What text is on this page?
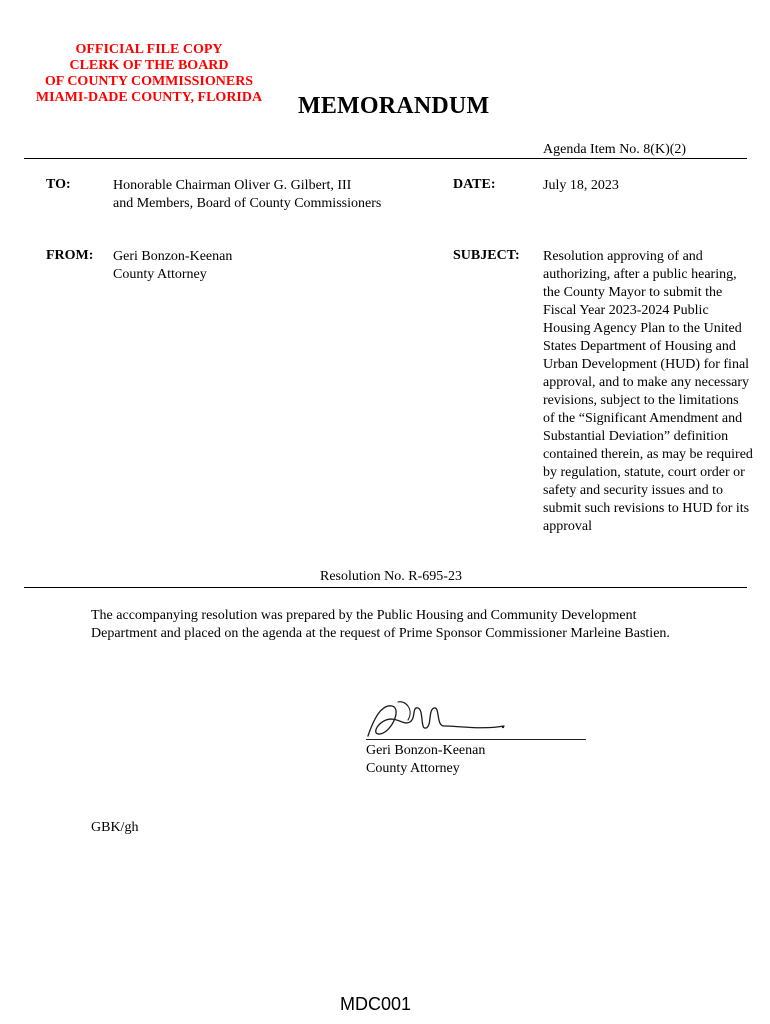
OFFICIAL FILE COPY
CLERK OF THE BOARD
OF COUNTY COMMISSIONERS
MIAMI-DADE COUNTY, FLORIDA	MEMORANDUM
Agenda Item No. 8(K)(2)
TO:	Honorable Chairman Oliver G. Gilbert, III
and Members, Board of County Commissioners
DATE:	July 18, 2023
FROM: Geri Bonzon-Keenan
County Attorney
SUBJECT: Resolution approving of and authorizing, after a public hearing, the County Mayor to submit the Fiscal Year 2023-2024 Public Housing Agency Plan to the United States Department of Housing and Urban Development (HUD) for final approval, and to make any necessary revisions, subject to the limitations of the “Significant Amendment and Substantial Deviation” definition contained therein, as may be required by regulation, statute, court order or safety and security issues and to submit such revisions to HUD for its approval
Resolution No. R-695-23
The accompanying resolution was prepared by the Public Housing and Community Development Department and placed on the agenda at the request of Prime Sponsor Commissioner Marleine Bastien.
Geri Bonzon-Keenan
County Attorney
GBK/gh
MDC001
